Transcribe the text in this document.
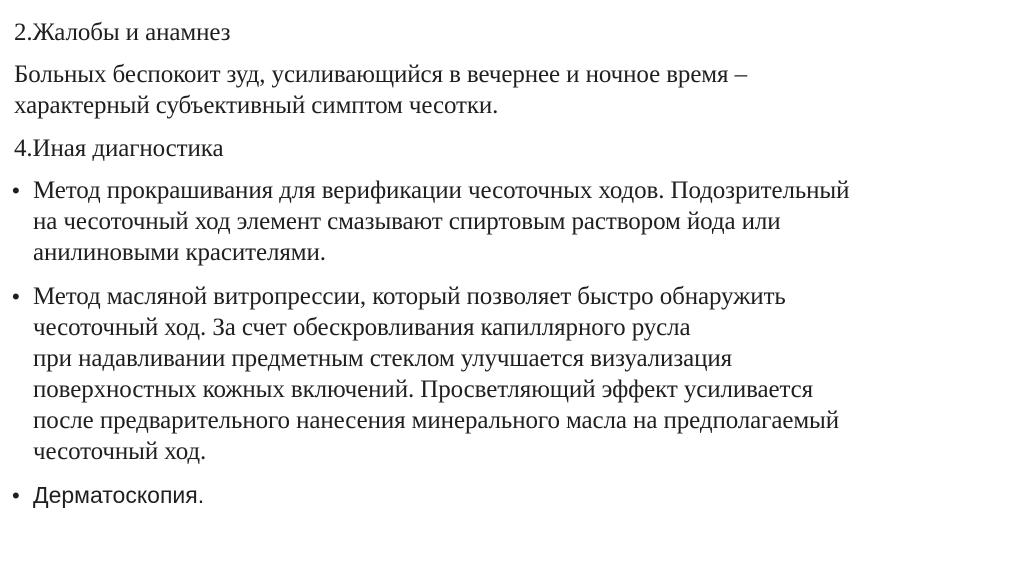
2.Жалобы и анамнез
Больных беспокоит зуд, усиливающийся в вечернее и ночное время –
характерный субъективный симптом чесотки.
4.Иная диагностика
• Метод прокрашивания для верификации чесоточных ходов. Подозрительный
на чесоточный ход элемент смазывают спиртовым раствором йода или
анилиновыми красителями.
• Метод масляной витропрессии, который позволяет быстро обнаружить
чесоточный ход. За счет обескровливания капиллярного русла
при надавливании предметным стеклом улучшается визуализация
поверхностных кожных включений. Просветляющий эффект усиливается
после предварительного нанесения минерального масла на предполагаемый
чесоточный ход.
• Дерматоскопия.
